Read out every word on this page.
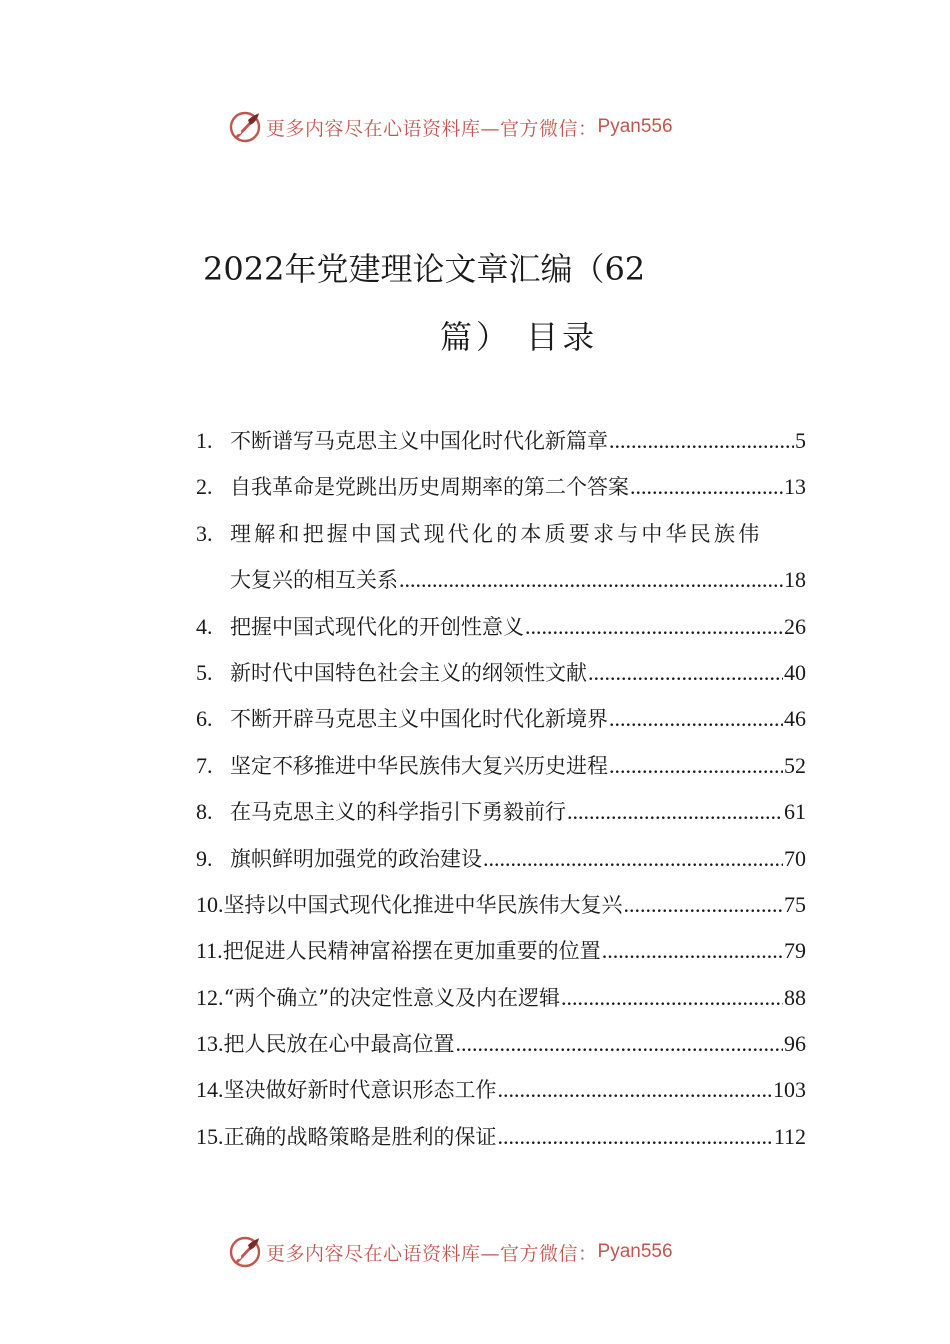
更多内容尽在心语资料库—官方微信： Pyan556
2022年党建理论文章汇编（62
篇） 目录
1. 不断谱写马克思主义中国化时代化新篇章 .....	5
2. 自我革命是党跳出历史周期率的第二个答案 .....	13
3. 理解和把握中国式现代化的本质要求与中华民族伟
大复兴的相互关系 .....	18
4. 把握中国式现代化的开创性意义 .....	26
5. 新时代中国特色社会主义的纲领性文献 .....	40
6. 不断开辟马克思主义中国化时代化新境界 .....	46
7. 坚定不移推进中华民族伟大复兴历史进程 .....	52
8. 在马克思主义的科学指引下勇毅前行 .....	61
9. 旗帜鲜明加强党的政治建设 .....	70
10. 坚持以中国式现代化推进中华民族伟大复兴 .....	75
11. 把促进人民精神富裕摆在更加重要的位置 .....	79
12. “两个确立”的决定性意义及内在逻辑 .....	88
13. 把人民放在心中最高位置 .....	96
14. 坚决做好新时代意识形态工作 .....	103
15. 正确的战略策略是胜利的保证 .....	112
更多内容尽在心语资料库—官方微信： Pyan556
